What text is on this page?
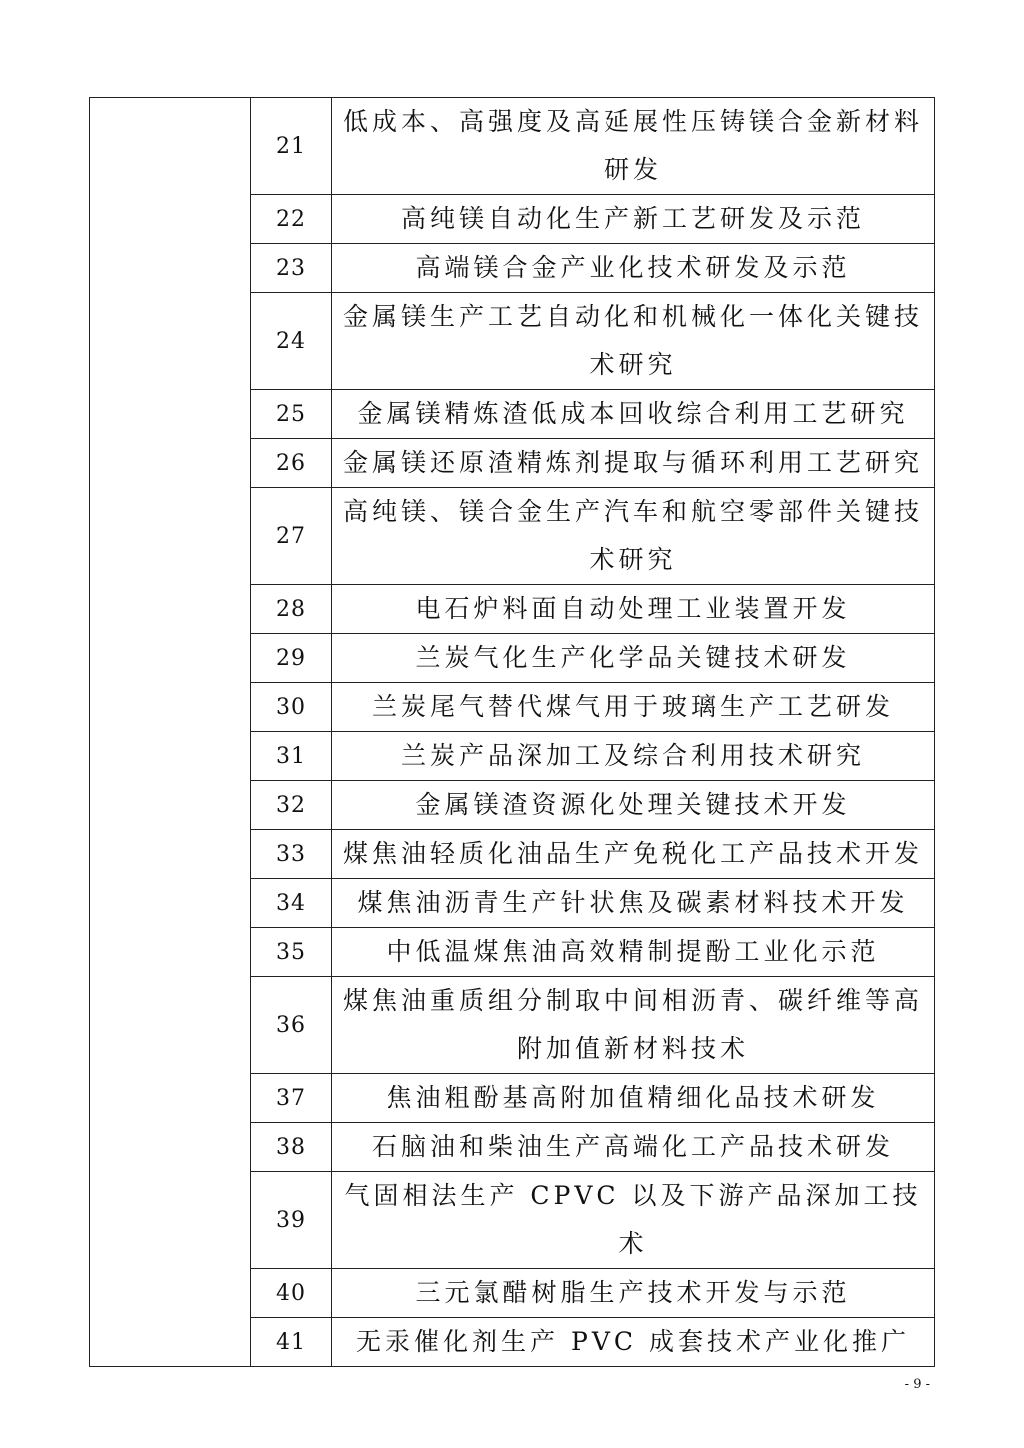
	21	低成本、高强度及高延展性压铸镁合金新材料研发
	22	高纯镁自动化生产新工艺研发及示范
	23	高端镁合金产业化技术研发及示范
	24	金属镁生产工艺自动化和机械化一体化关键技术研究
	25	金属镁精炼渣低成本回收综合利用工艺研究
	26	金属镁还原渣精炼剂提取与循环利用工艺研究
	27	高纯镁、镁合金生产汽车和航空零部件关键技术研究
	28	电石炉料面自动处理工业装置开发
	29	兰炭气化生产化学品关键技术研发
	30	兰炭尾气替代煤气用于玻璃生产工艺研发
	31	兰炭产品深加工及综合利用技术研究
	32	金属镁渣资源化处理关键技术开发
	33	煤焦油轻质化油品生产免税化工产品技术开发
	34	煤焦油沥青生产针状焦及碳素材料技术开发
	35	中低温煤焦油高效精制提酚工业化示范
	36	煤焦油重质组分制取中间相沥青、碳纤维等高附加值新材料技术
	37	焦油粗酚基高附加值精细化品技术研发
	38	石脑油和柴油生产高端化工产品技术研发
	39	气固相法生产 CPVC 以及下游产品深加工技术
	40	三元氯醋树脂生产技术开发与示范
	41	无汞催化剂生产 PVC 成套技术产业化推广
- 9 -
